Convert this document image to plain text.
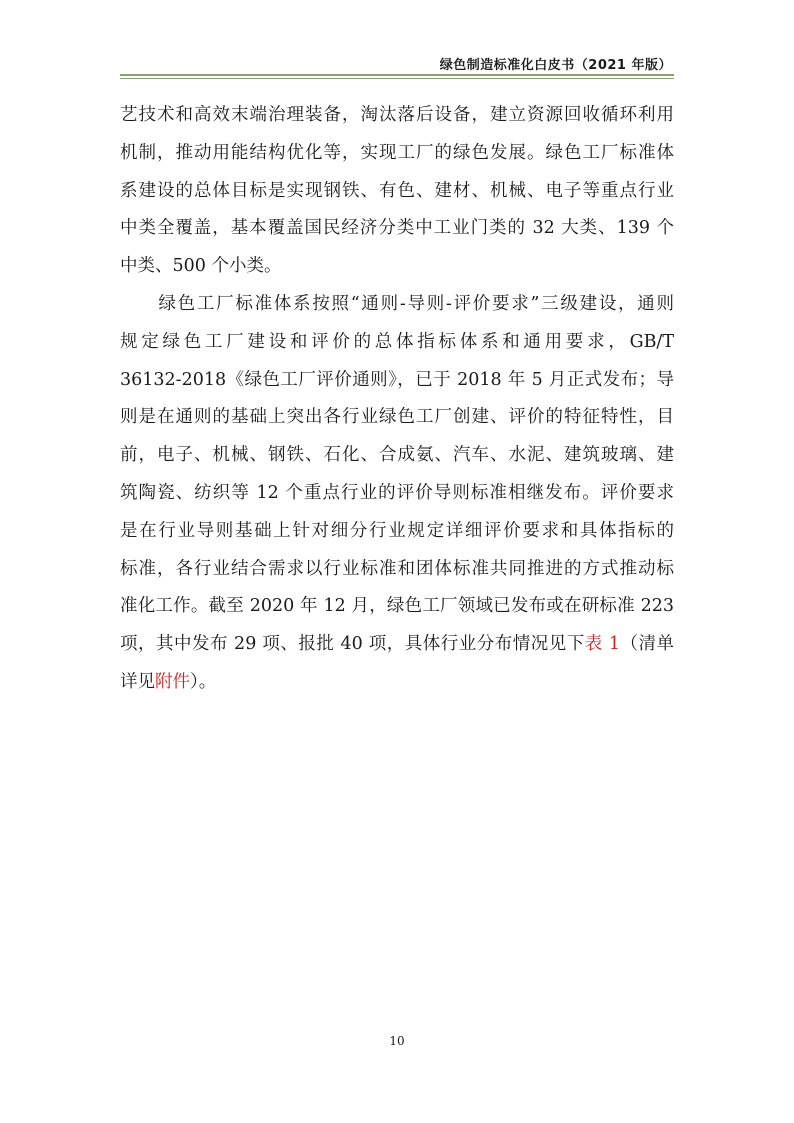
绿色制造标准化白皮书（2021 年版）
艺技术和高效末端治理装备，淘汰落后设备，建立资源回收循环利用
机制，推动用能结构优化等，实现工厂的绿色发展。绿色工厂标准体
系建设的总体目标是实现钢铁、有色、建材、机械、电子等重点行业
中类全覆盖，基本覆盖国民经济分类中工业门类的 32 大类、139 个
中类、500 个小类。
　　绿色工厂标准体系按照“通则-导则-评价要求”三级建设，通则
规定绿色工厂建设和评价的总体指标体系和通用要求，GB/T
36132-2018《绿色工厂评价通则》，已于 2018 年 5 月正式发布；导
则是在通则的基础上突出各行业绿色工厂创建、评价的特征特性，目
前，电子、机械、钢铁、石化、合成氨、汽车、水泥、建筑玻璃、建
筑陶瓷、纺织等 12 个重点行业的评价导则标准相继发布。评价要求
是在行业导则基础上针对细分行业规定详细评价要求和具体指标的
标准，各行业结合需求以行业标准和团体标准共同推进的方式推动标
准化工作。截至 2020 年 12 月，绿色工厂领域已发布或在研标准 223
项，其中发布 29 项、报批 40 项，具体行业分布情况见下表 1（清单
详见附件）。
10
